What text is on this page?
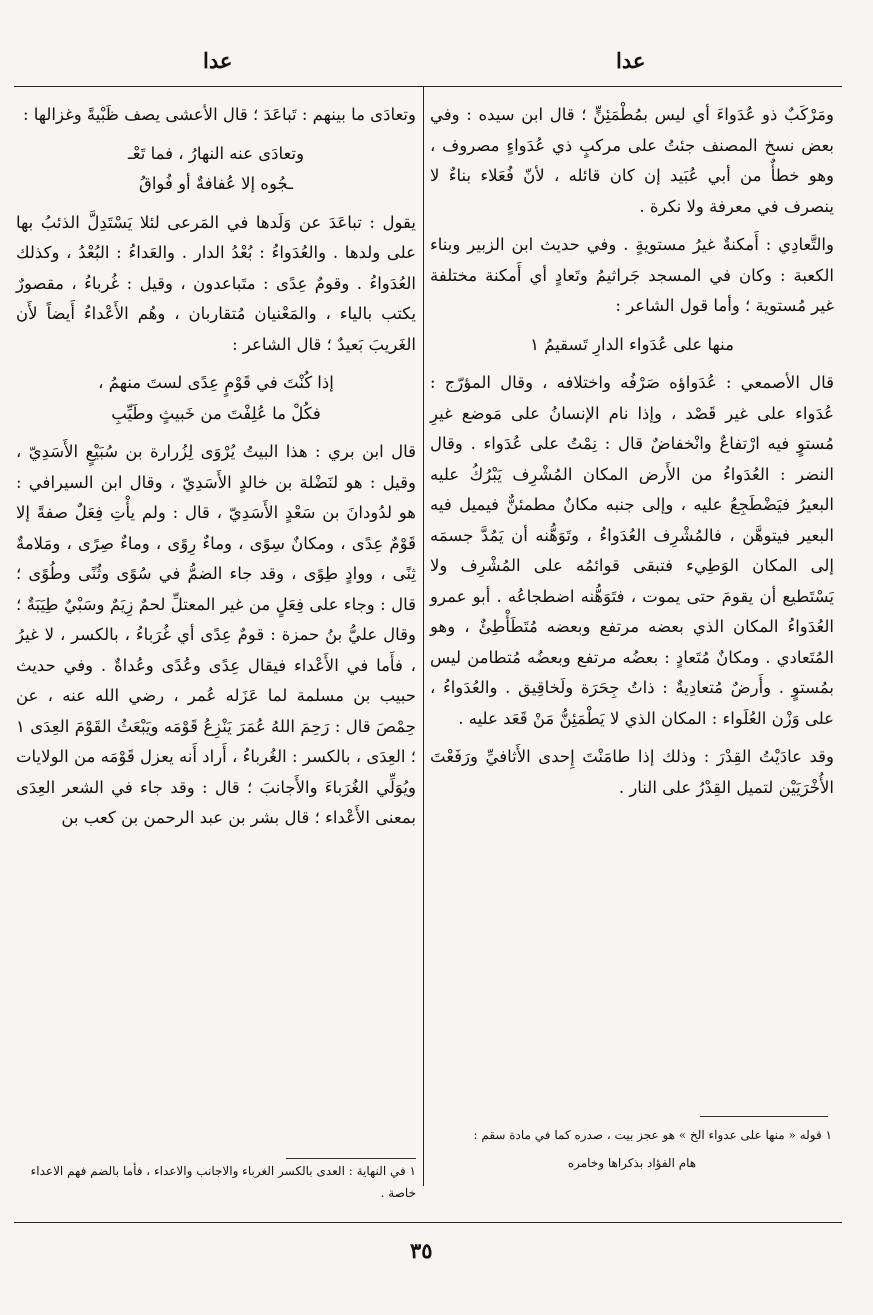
عدا
عدا

ومَرْكَبٌ ذو عُدَواءَ أي ليس بمُطْمَئِنٍّ ؛ قال ابن سيده : وفي بعض نسخ المصنف جئتُ على مركبٍ ذي عُدَواءٍ مصروف ، وهو خطأٌ من أبي عُبَيد إن كان قائله ، لأنّ فُعَلاء بناءٌ لا ينصرف في معرفة ولا نكرة .

والتَّعادِي : أَمكنةٌ غيرُ مستويةٍ . وفي حديث ابن الزبير وبناء الكعبة : وكان في المسجد جَراثيمُ وتَعادٍ أي أَمكنة مختلفة غير مُستوية ؛ وأما قول الشاعر :

منها على عُدَواء الدارِ تَسقيمُ ١

قال الأصمعي : عُدَواؤه صَرْفُه واختلافه ، وقال المؤرّج : عُدَواء على غير قَصْد ، وإذا نام الإنسانُ على مَوضع غيرِ مُستوٍ فيه ارْتفاعٌ وانْخفاضٌ قال : نِمْتُ على عُدَواء . وقال النضر : العُدَواءُ من الأَرض المكان المُشْرِف يَبْرُكُ عليه البعيرُ فيَضْطَجِعُ عليه ، وإلى جنبه مكانٌ مطمئنٌّ فيميل فيه البعير فيتوهَّن ، فالمُشْرِف العُدَواءُ ، وتَوَهُّنه أن يَمُدَّ جسمَه إلى المكان الوَطِيء فتبقى قوائمُه على المُشْرِف ولا يَسْتَطيع أن يقومَ حتى يموت ، فتَوَهُّنه اضطجاعُه . أبو عمرو العُدَواءُ المكان الذي بعضه مرتفع وبعضه مُتَطَأْطِئٌ ، وهو المُتَعادي . ومكانٌ مُتَعادٍ : بعضُه مرتفع وبعضُه مُتطامن ليس بمُستوٍ . وأَرضٌ مُتعادِيةٌ : ذاتُ جِحَرَة ولَخاقِيق . والعُدَواءُ ، على وَزْن العُلَواء : المكان الذي لا يَطْمَئِنُّ مَنْ قَعَد عليه .

وقد عادَيْتُ القِدْرَ : وذلك إذا طامَنْتَ إِحدى الأَثافيِّ ورَفَعْتَ الأُخْرَيَيْن لتميل القِدْرُ على النار .

وتعادَى ما بينهم : تَباعَدَ ؛ قال الأعشى يصف ظَبْيةً وغزالها :

وتعادَى عنه النهارُ ، فما تَعْـ
ـجُوه إلا عُفافةٌ أو فُواقُ

يقول : تباعَدَ عن وَلَدها في المَرعى لئلا يَسْتَدِلَّ الذئبُ بها على ولدها . والعُدَواءُ : بُعْدُ الدار . والعَداءُ : البُعْدُ ، وكذلك العُدَواءُ . وقومٌ عِدًى : متَباعدون ، وقيل : غُرباءُ ، مقصورٌ يكتب بالياء ، والمَعْنيان مُتقاربان ، وهُم الأَعْداءُ أَيضاً لأَن الغَريبَ بَعيدٌ ؛ قال الشاعر :

إذا كُنْتَ في قَوْمٍ عِدًى لستَ منهمُ ،
فكُلْ ما عُلِفْتَ من خَبيثٍ وطَيِّبِ

قال ابن بري : هذا البيتُ يُرْوَى لِزُرارة بن سُبَيْعٍ الأَسَدِيّ ، وقيل : هو لنَضْلة بن خالدٍ الأَسَدِيّ ، وقال ابن السيرافي : هو لدُودانَ بن سَعْدٍ الأَسَدِيّ ، قال : ولم يأْتِ فِعَلٌ صفةً إلا قَوْمٌ عِدًى ، ومكانٌ سِوًى ، وماءٌ رِوًى ، وماءٌ صِرًى ، ومَلامةٌ ثِنًى ، ووادٍ طِوًى ، وقد جاء الضمُّ في سُوًى وثُنًى وطُوًى ؛ قال : وجاء على فِعَلٍ من غير المعتلِّ لحمٌ زِيَمٌ وسَبْيٌ طِيَبَةٌ ؛ وقال عليُّ بنُ حمزة : قومٌ عِدًى أي غُرَباءُ ، بالكسر ، لا غيرُ ، فأَما في الأَعْداء فيقال عِدًى وعُدًى وعُداةٌ . وفي حديث حبيب بن مسلمة لما عَزَله عُمر ، رضي الله عنه ، عن حِمْصَ قال : رَحِمَ اللهُ عُمَرَ يَنْزِعُ قَوْمَه ويَبْعَثُ القَوْمَ العِدَى ١ ؛ العِدَى ، بالكسر : الغُرباءُ ، أَراد أَنه يعزل قَوْمَه من الولايات ويُوَلِّي الغُرَباءَ والأَجانبَ ؛ قال : وقد جاء في الشعر العِدَى بمعنى الأَعْداء ؛ قال بشر بن عبد الرحمن بن كعب بن

١ قوله « منها على عدواء الخ » هو عجز بيت ، صدره كما في مادة سقم :
هام الفؤاد بذكراها وخامره
١ في النهاية : العدى بالكسر الغرباء والاجانب والاعداء ، فأما بالضم فهم الاعداء خاصة .
٣٥
